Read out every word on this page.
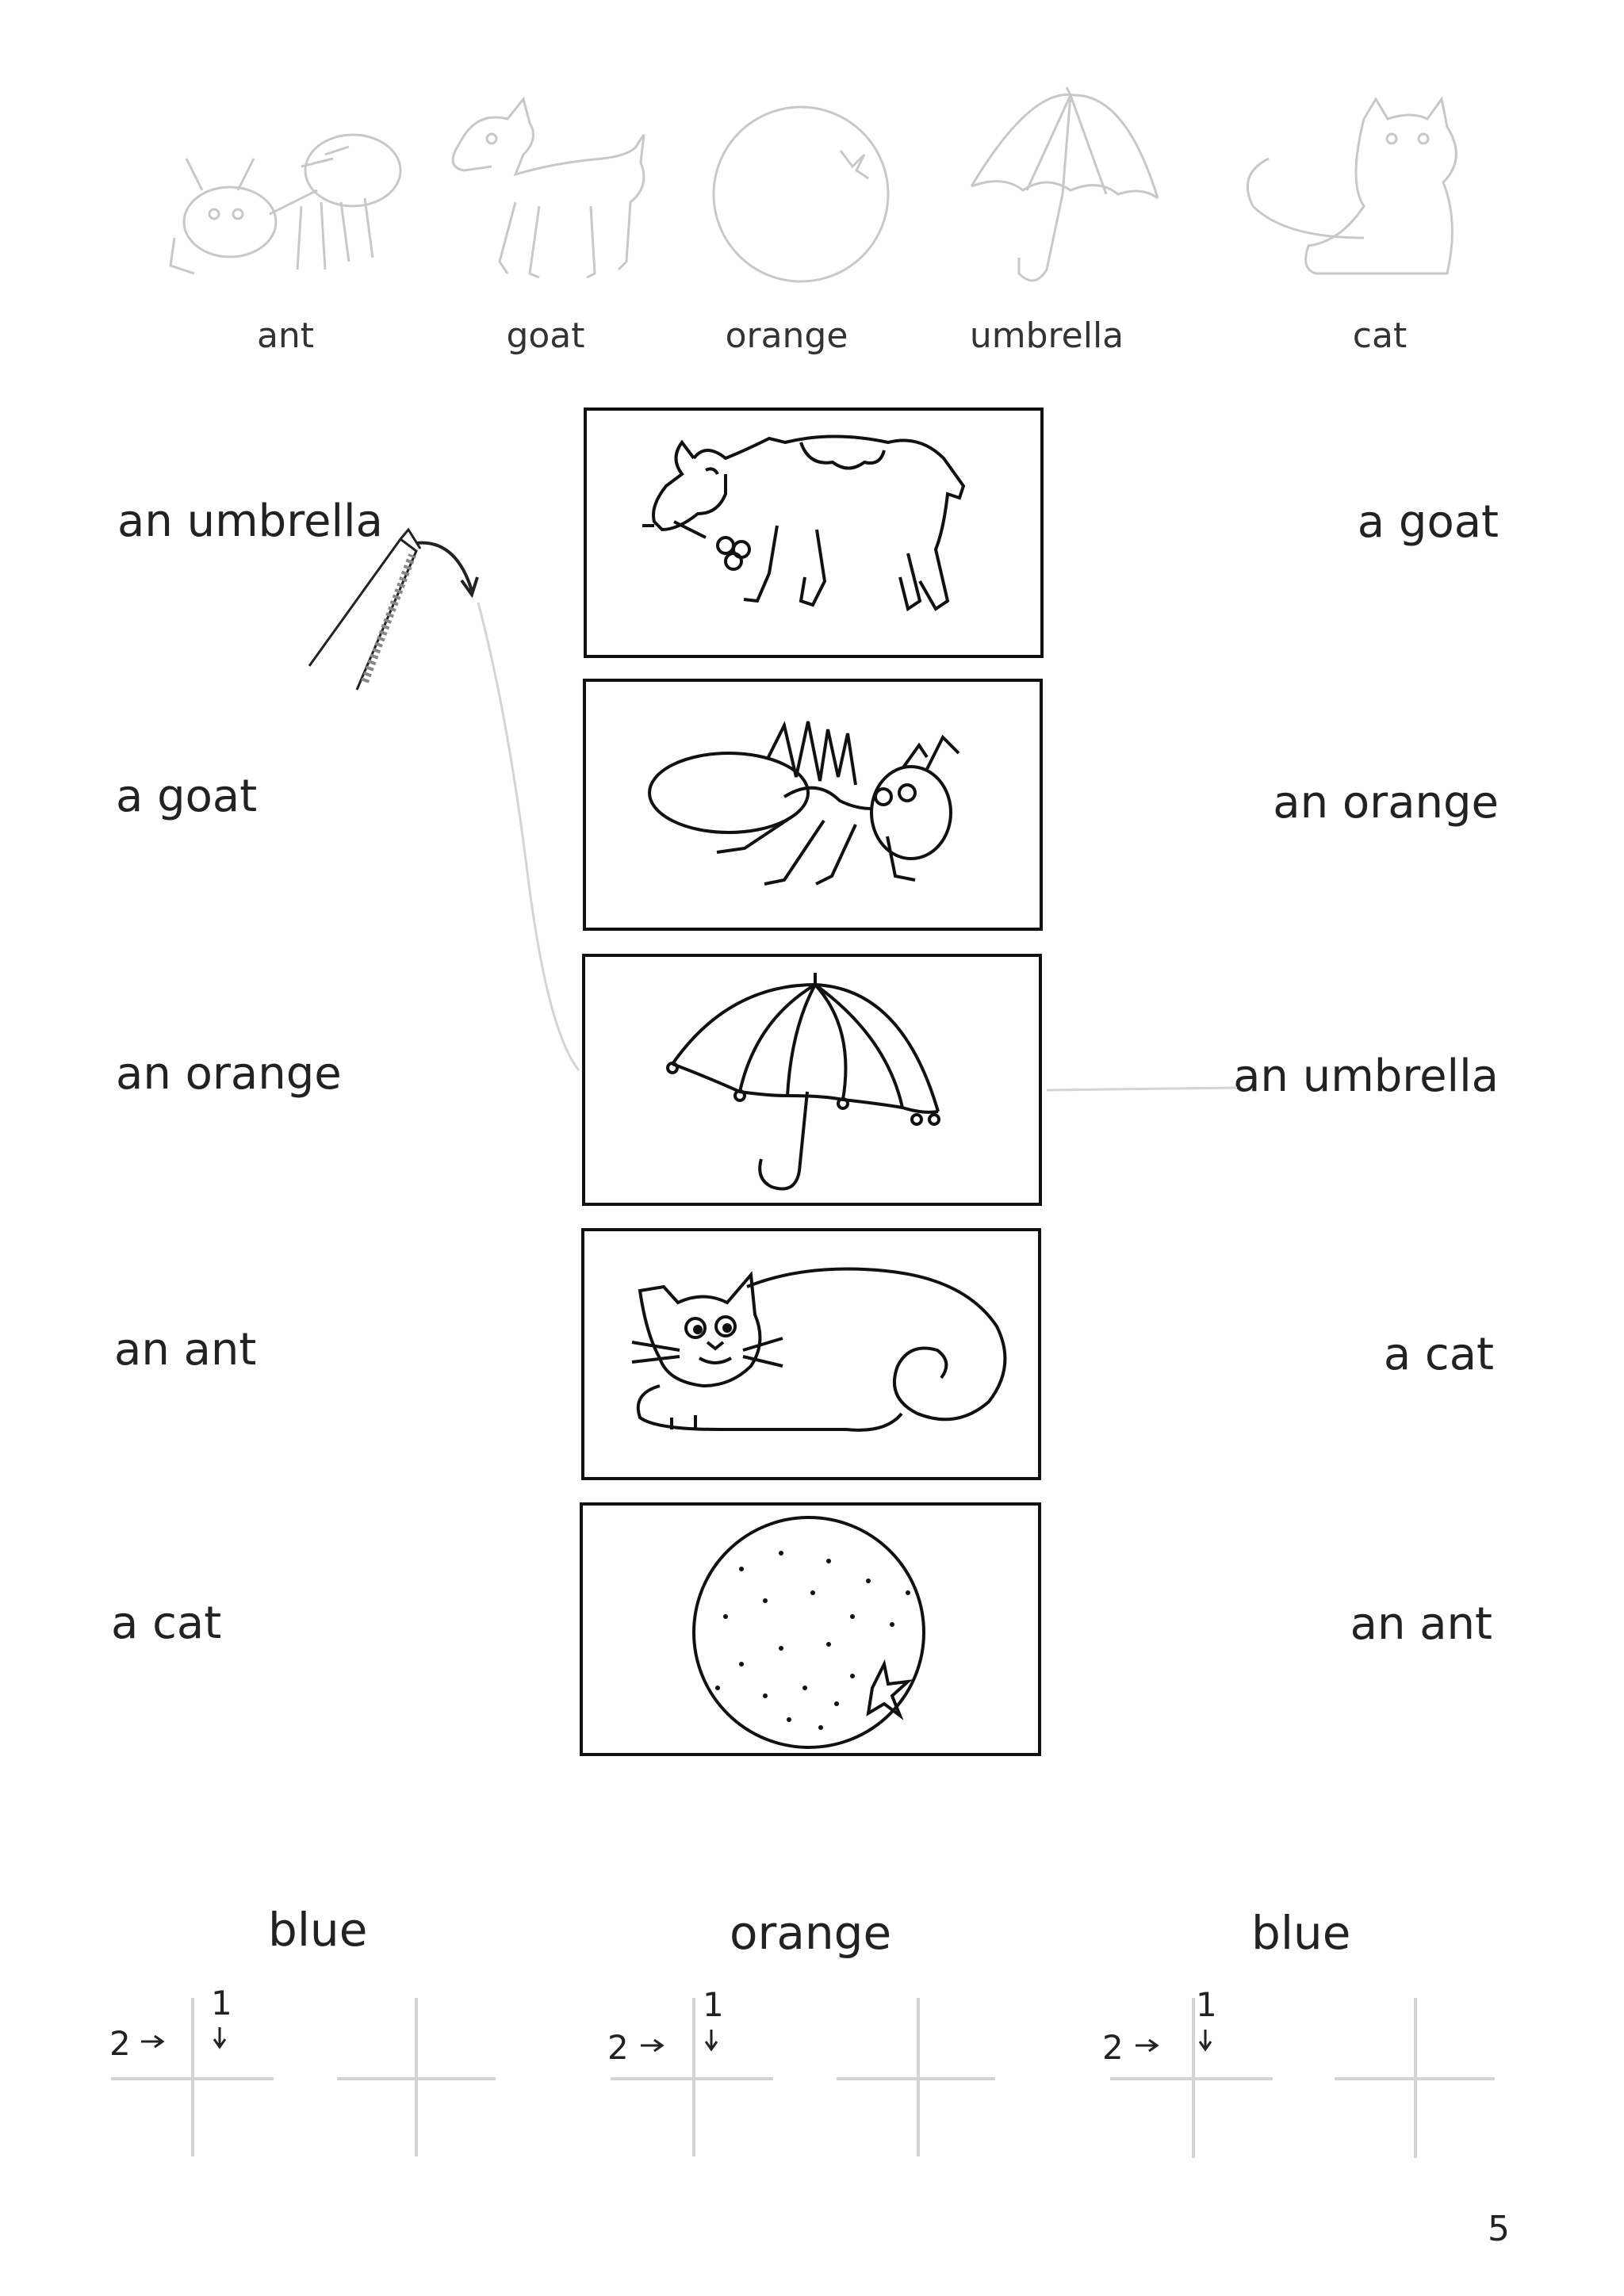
ant	goat	orange	umbrella	cat
an umbrella
a goat
an orange
an ant
a cat
a goat
an orange
an umbrella
a cat
an ant
blue	orange	blue
1
2
1
2
1
2
5
